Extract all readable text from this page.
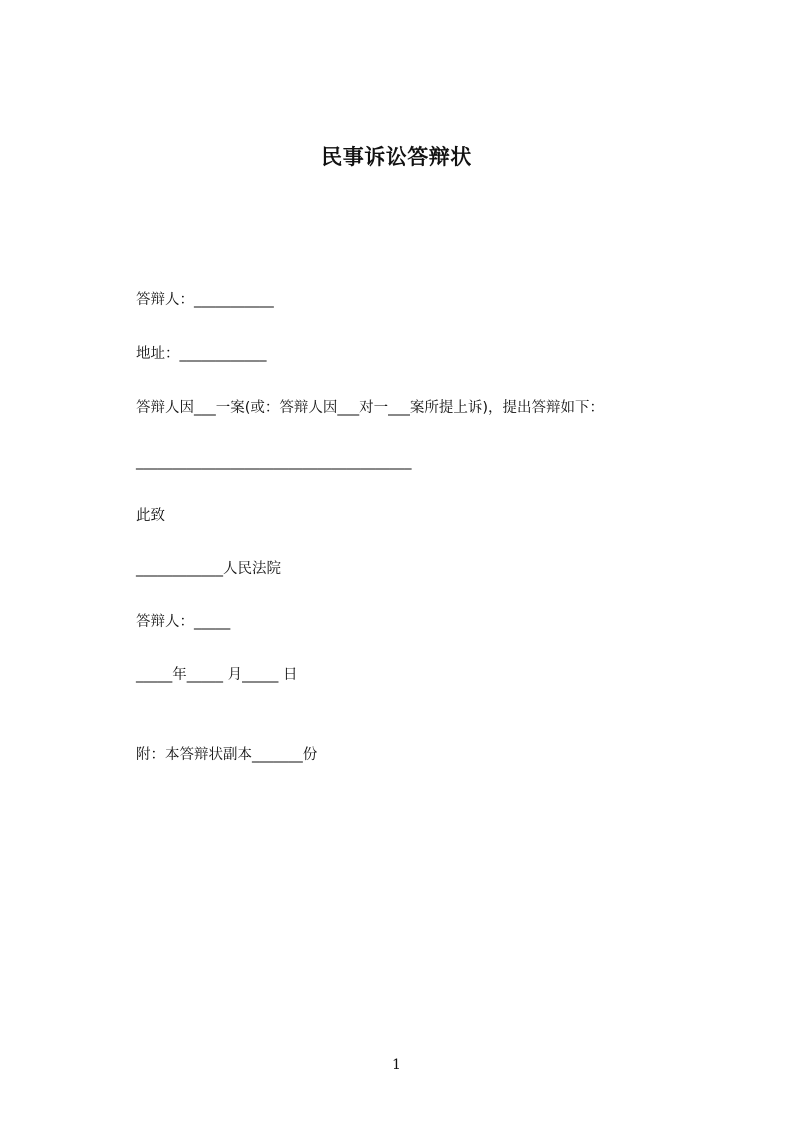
民事诉讼答辩状
答辩人：___________
地址：____________
答辩人因___一案(或：答辩人因___对一___案所提上诉)，提出答辩如下：
______________________________________
此致
____________人民法院
答辩人：_____
_____年_____ 月_____ 日
附：本答辩状副本_______份
1
